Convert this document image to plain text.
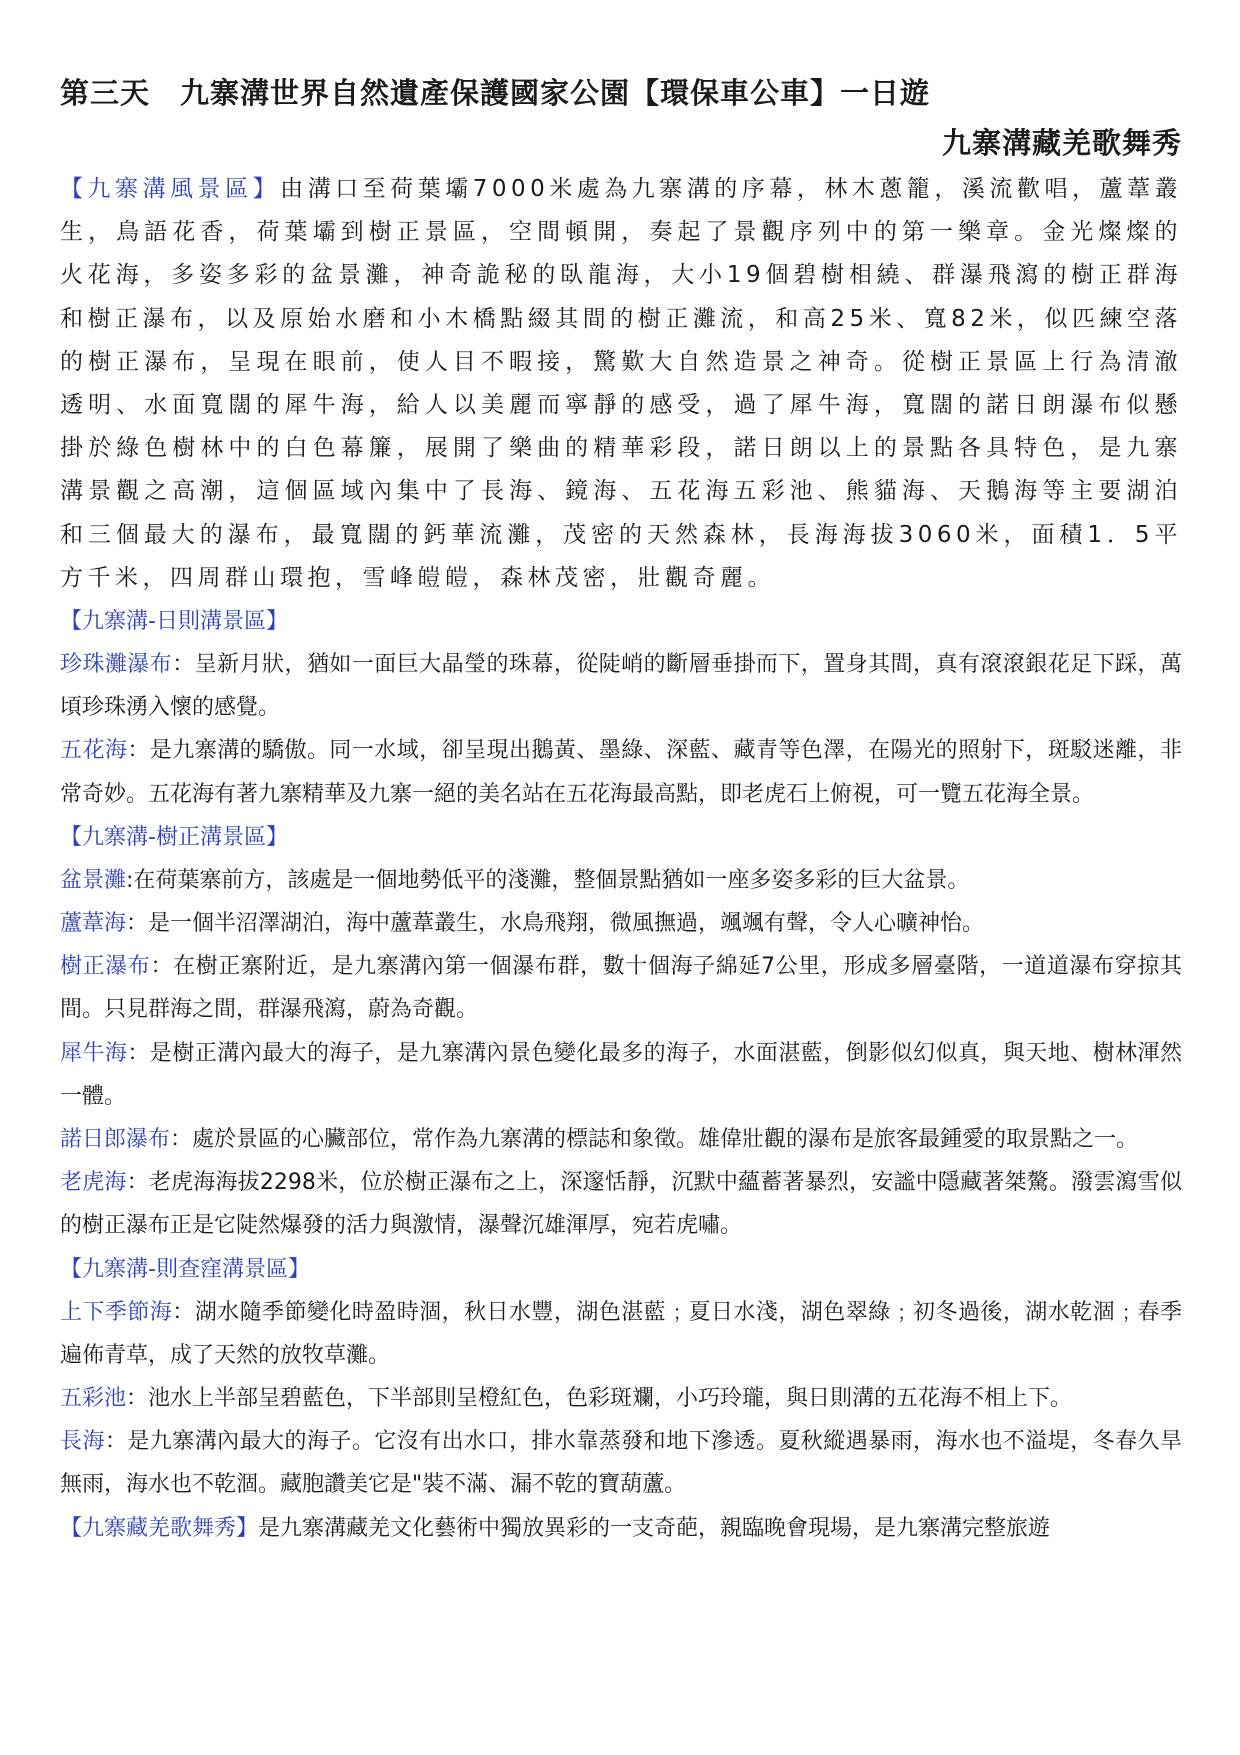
第三天　九寨溝世界自然遺產保護國家公園【環保車公車】一日遊
九寨溝藏羌歌舞秀

【九寨溝風景區】由溝口至荷葉壩7000米處為九寨溝的序幕，林木蔥籠，溪流歡唱，蘆葦叢生，鳥語花香，荷葉壩到樹正景區，空間頓開，奏起了景觀序列中的第一樂章。金光燦燦的火花海，多姿多彩的盆景灘，神奇詭秘的臥龍海，大小19個碧樹相繞、群瀑飛瀉的樹正群海和樹正瀑布，以及原始水磨和小木橋點綴其間的樹正灘流，和高25米、寬82米，似匹練空落的樹正瀑布，呈現在眼前，使人目不暇接，驚歎大自然造景之神奇。從樹正景區上行為清澈透明、水面寬闊的犀牛海，給人以美麗而寧靜的感受，過了犀牛海，寬闊的諾日朗瀑布似懸掛於綠色樹林中的白色幕簾，展開了樂曲的精華彩段，諾日朗以上的景點各具特色，是九寨溝景觀之高潮，這個區域內集中了長海、鏡海、五花海五彩池、熊貓海、天鵝海等主要湖泊和三個最大的瀑布，最寬闊的鈣華流灘，茂密的天然森林，長海海拔3060米，面積1．5平方千米，四周群山環抱，雪峰皚皚，森林茂密，壯觀奇麗。

【九寨溝-日則溝景區】

珍珠灘瀑布：呈新月狀，猶如一面巨大晶瑩的珠幕，從陡峭的斷層垂掛而下，置身其間，真有滾滾銀花足下踩，萬頃珍珠湧入懷的感覺。

五花海：是九寨溝的驕傲。同一水域，卻呈現出鵝黃、墨綠、深藍、藏青等色澤，在陽光的照射下，斑駁迷離，非常奇妙。五花海有著九寨精華及九寨一絕的美名站在五花海最高點，即老虎石上俯視，可一覽五花海全景。

【九寨溝-樹正溝景區】

盆景灘:在荷葉寨前方，該處是一個地勢低平的淺灘，整個景點猶如一座多姿多彩的巨大盆景。

蘆葦海：是一個半沼澤湖泊，海中蘆葦叢生，水鳥飛翔，微風撫過，颯颯有聲，令人心曠神怡。

樹正瀑布：在樹正寨附近，是九寨溝內第一個瀑布群，數十個海子綿延7公里，形成多層臺階，一道道瀑布穿掠其間。只見群海之間，群瀑飛瀉，蔚為奇觀。

犀牛海：是樹正溝內最大的海子，是九寨溝內景色變化最多的海子，水面湛藍，倒影似幻似真，與天地、樹林渾然一體。

諾日郎瀑布：處於景區的心臟部位，常作為九寨溝的標誌和象徵。雄偉壯觀的瀑布是旅客最鍾愛的取景點之一。

老虎海：老虎海海拔2298米，位於樹正瀑布之上，深邃恬靜，沉默中蘊蓄著暴烈，安謐中隱藏著桀驁。潑雲瀉雪似的樹正瀑布正是它陡然爆發的活力與激情，瀑聲沉雄渾厚，宛若虎嘯。

【九寨溝-則查窪溝景區】

上下季節海：湖水隨季節變化時盈時涸，秋日水豐，湖色湛藍﹔夏日水淺，湖色翠綠﹔初冬過後，湖水乾涸﹔春季遍佈青草，成了天然的放牧草灘。

五彩池：池水上半部呈碧藍色，下半部則呈橙紅色，色彩斑斕，小巧玲瓏，與日則溝的五花海不相上下。

長海：是九寨溝內最大的海子。它沒有出水口，排水靠蒸發和地下滲透。夏秋縱遇暴雨，海水也不溢堤，冬春久旱無雨，海水也不乾涸。藏胞讚美它是"裝不滿、漏不乾的寶葫蘆。

【九寨藏羌歌舞秀】是九寨溝藏羌文化藝術中獨放異彩的一支奇葩，親臨晚會現場，是九寨溝完整旅遊
